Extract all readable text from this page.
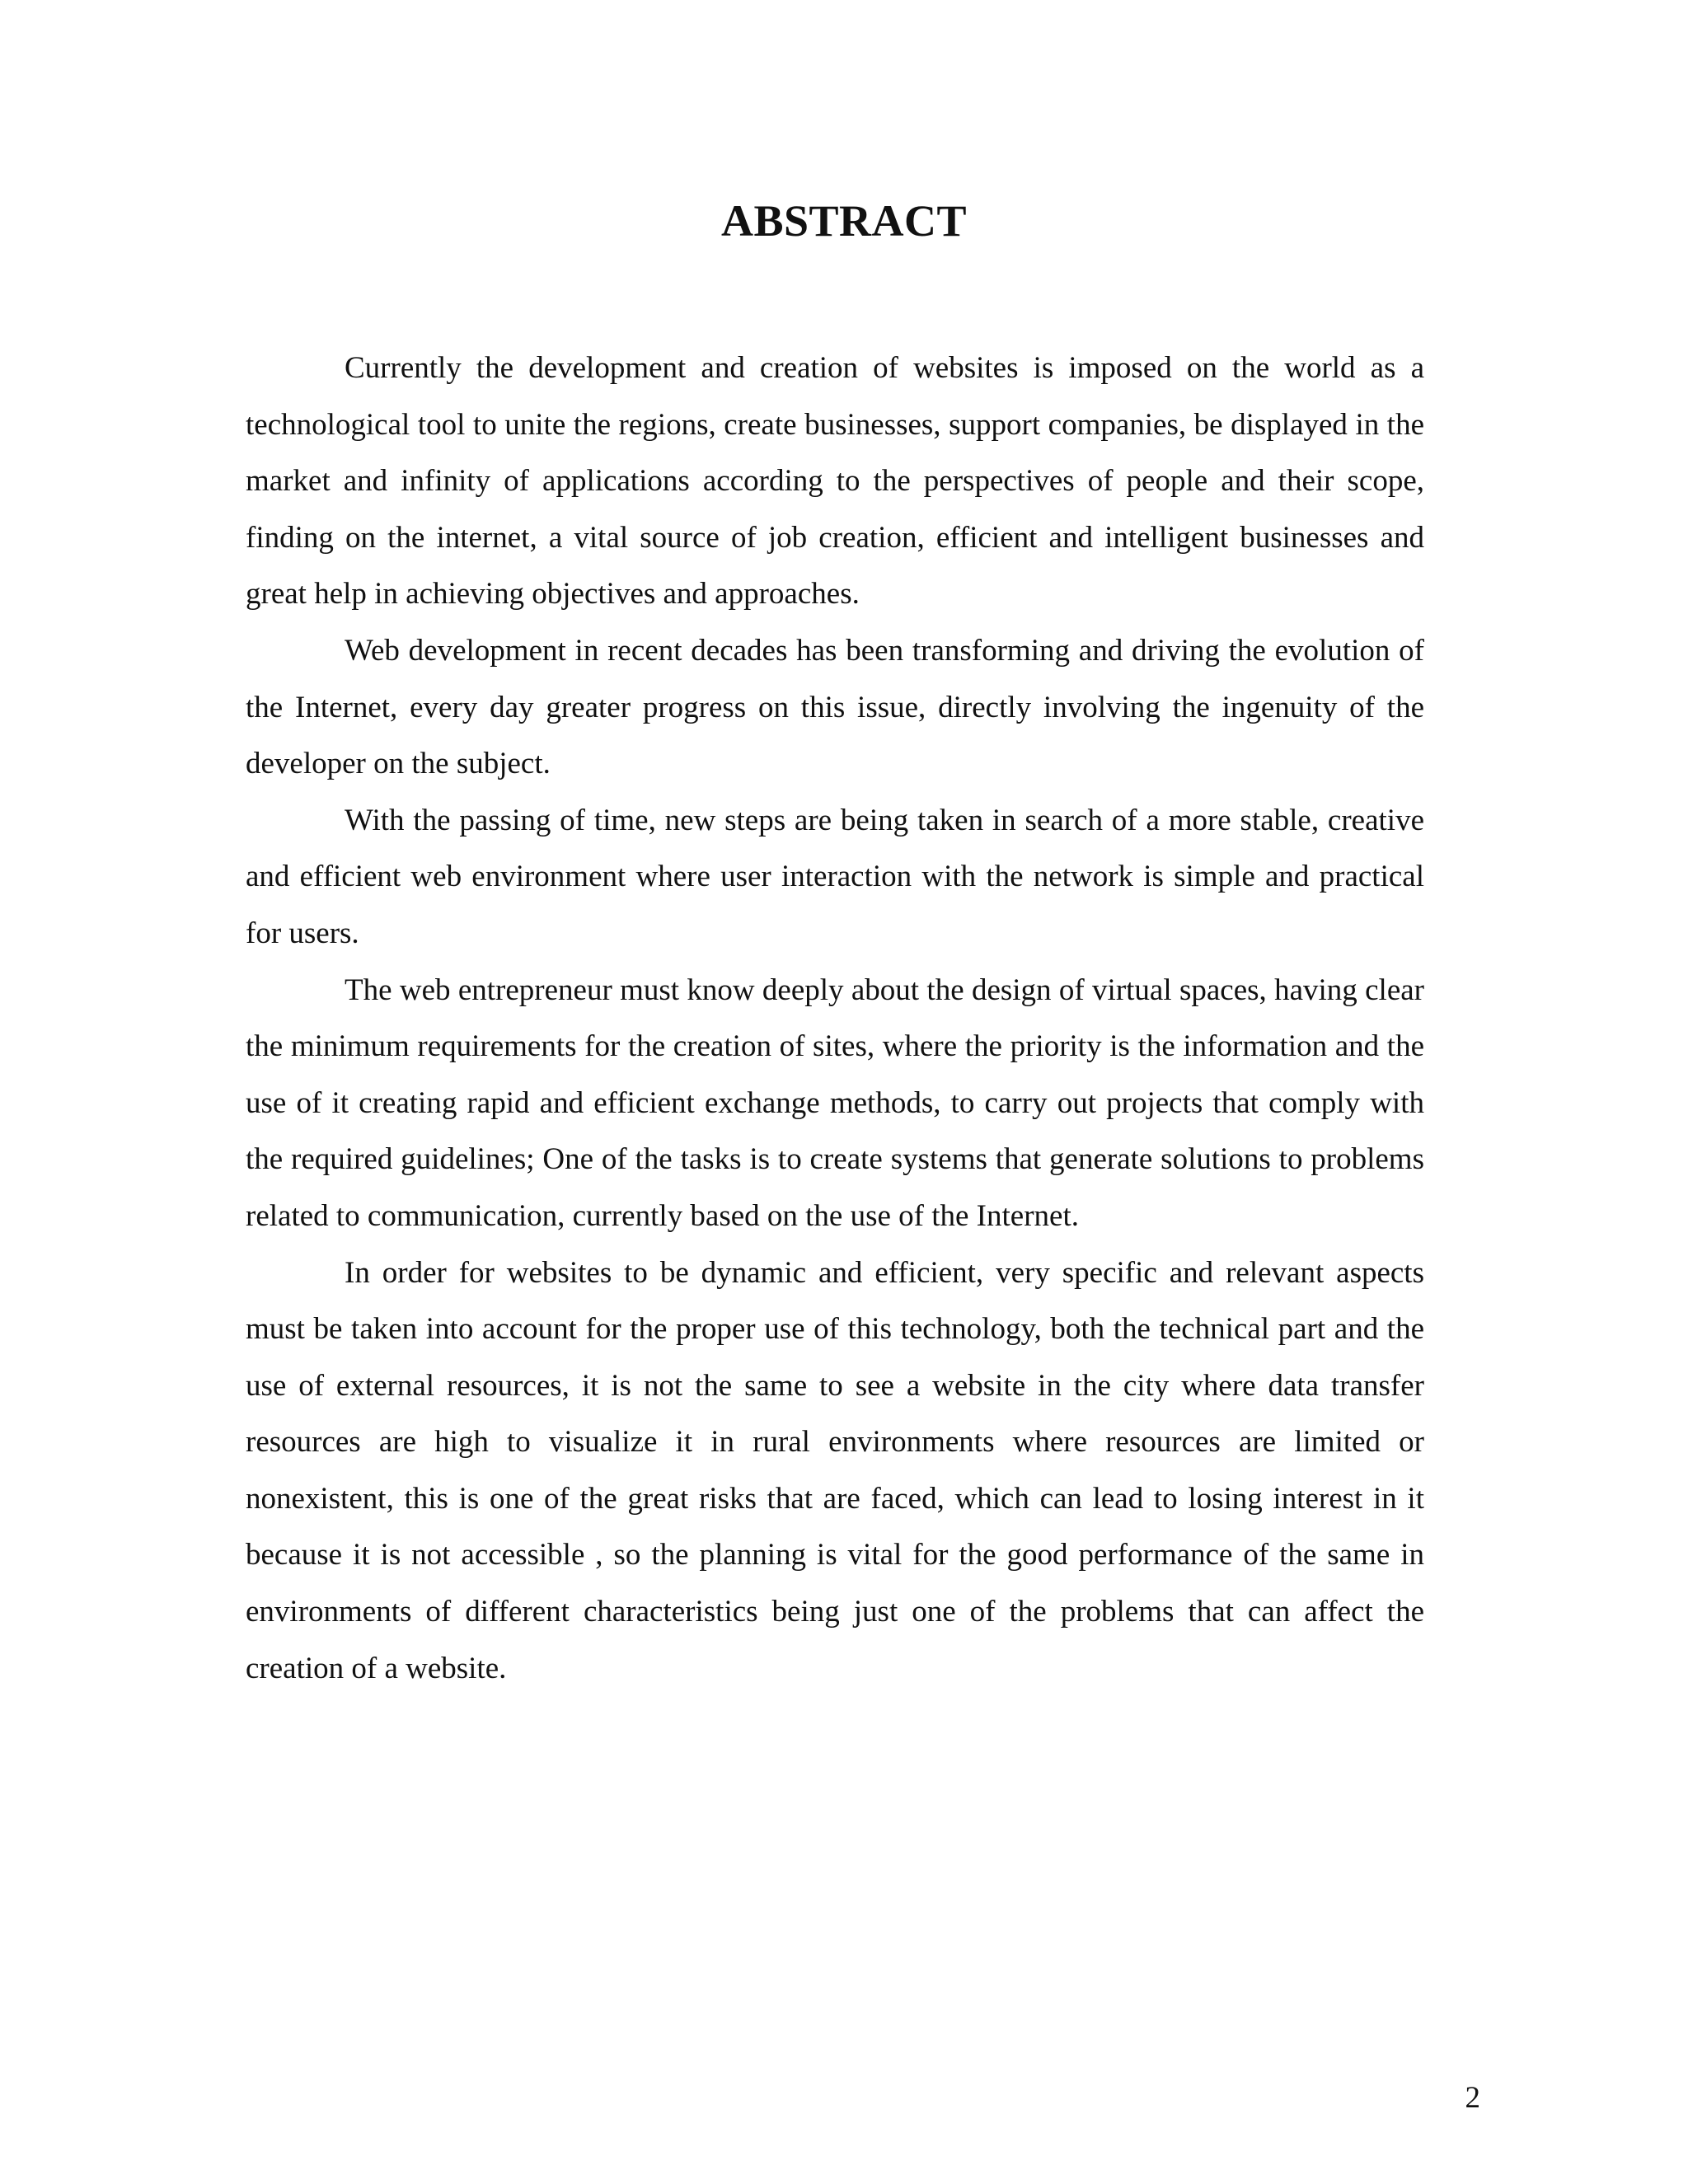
ABSTRACT

Currently the development and creation of websites is imposed on the world as a technological tool to unite the regions, create businesses, support companies, be displayed in the market and infinity of applications according to the perspectives of people and their scope, finding on the internet, a vital source of job creation, efficient and intelligent businesses and great help in achieving objectives and approaches.

Web development in recent decades has been transforming and driving the evolution of the Internet, every day greater progress on this issue, directly involving the ingenuity of the developer on the subject.

With the passing of time, new steps are being taken in search of a more stable, creative and efficient web environment where user interaction with the network is simple and practical for users.

The web entrepreneur must know deeply about the design of virtual spaces, having clear the minimum requirements for the creation of sites, where the priority is the information and the use of it creating rapid and efficient exchange methods, to carry out projects that comply with the required guidelines; One of the tasks is to create systems that generate solutions to problems related to communication, currently based on the use of the Internet.

In order for websites to be dynamic and efficient, very specific and relevant aspects must be taken into account for the proper use of this technology, both the technical part and the use of external resources, it is not the same to see a website in the city where data transfer resources are high to visualize it in rural environments where resources are limited or nonexistent, this is one of the great risks that are faced, which can lead to losing interest in it because it is not accessible , so the planning is vital for the good performance of the same in environments of different characteristics being just one of the problems that can affect the creation of a website.

2
